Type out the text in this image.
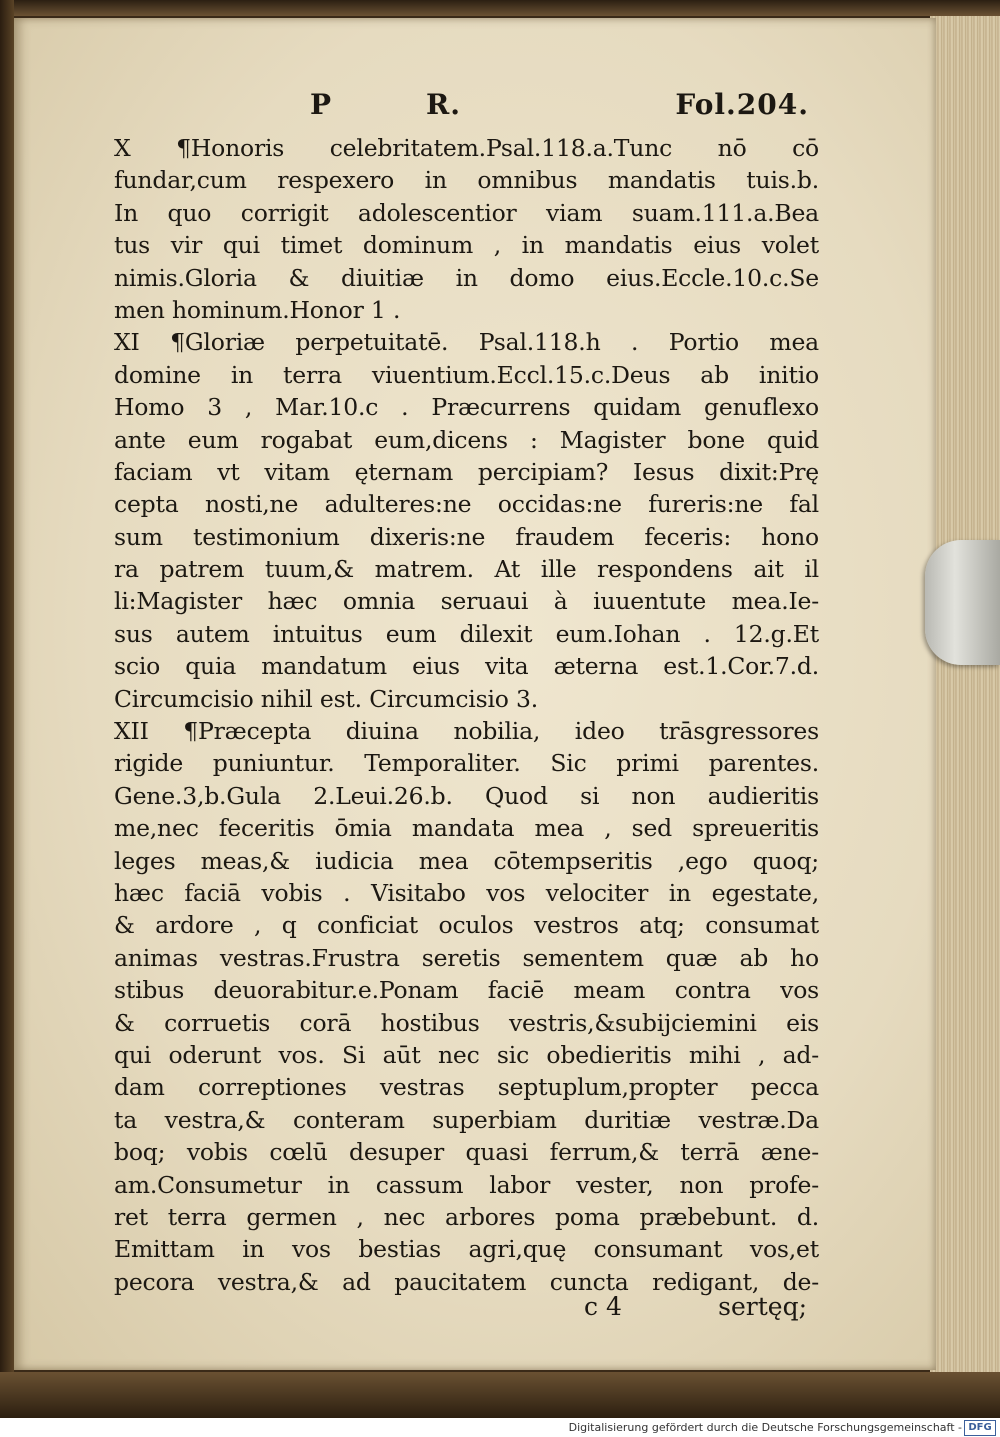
P	R.	Fol.204.
X ¶Honoris celebritatem.Psal.118.a.Tunc nō cō
fundar,cum respexero in omnibus mandatis tuis.b.
In quo corrigit adolescentior viam suam.111.a.Bea
tus vir qui timet dominum , in mandatis eius volet
nimis.Gloria & diuitiæ in domo eius.Eccle.10.c.Se
men hominum.Honor 1 .
XI ¶Gloriæ perpetuitatē. Psal.118.h . Portio mea
domine in terra viuentium.Eccl.15.c.Deus ab initio
Homo 3 , Mar.10.c . Præcurrens quidam genuflexo
ante eum rogabat eum,dicens : Magister bone quid
faciam vt vitam ęternam percipiam? Iesus dixit:Prę
cepta nosti,ne adulteres:ne occidas:ne fureris:ne fal
sum testimonium dixeris:ne fraudem feceris: hono
ra patrem tuum,& matrem. At ille respondens ait il
li:Magister hæc omnia seruaui à iuuentute mea.Ie-
sus autem intuitus eum dilexit eum.Iohan . 12.g.Et
scio quia mandatum eius vita æterna est.1.Cor.7.d.
Circumcisio nihil est. Circumcisio 3.
XII ¶Præcepta diuina nobilia, ideo trāsgressores
rigide puniuntur. Temporaliter. Sic primi parentes.
Gene.3,b.Gula 2.Leui.26.b. Quod si non audieritis
me,nec feceritis ōmia mandata mea , sed spreueritis
leges meas,& iudicia mea cōtempseritis ,ego quoq;
hæc faciā vobis . Visitabo vos velociter in egestate,
& ardore , q conficiat oculos vestros atq; consumat
animas vestras.Frustra seretis sementem quæ ab ho
stibus deuorabitur.e.Ponam faciē meam contra vos
& corruetis corā hostibus vestris,&subijciemini eis
qui oderunt vos. Si aūt nec sic obedieritis mihi , ad-
dam correptiones vestras septuplum,propter pecca
ta vestra,& conteram superbiam duritiæ vestræ.Da
boq; vobis cœlū desuper quasi ferrum,& terrā æne-
am.Consumetur in cassum labor vester, non profe-
ret terra germen , nec arbores poma præbebunt. d.
Emittam in vos bestias agri,quę consumant vos,et
pecora vestra,& ad paucitatem cuncta redigant, de-
c 4	sertęq;
Digitalisierung gefördert durch die Deutsche Forschungsgemeinschaft - DFG
